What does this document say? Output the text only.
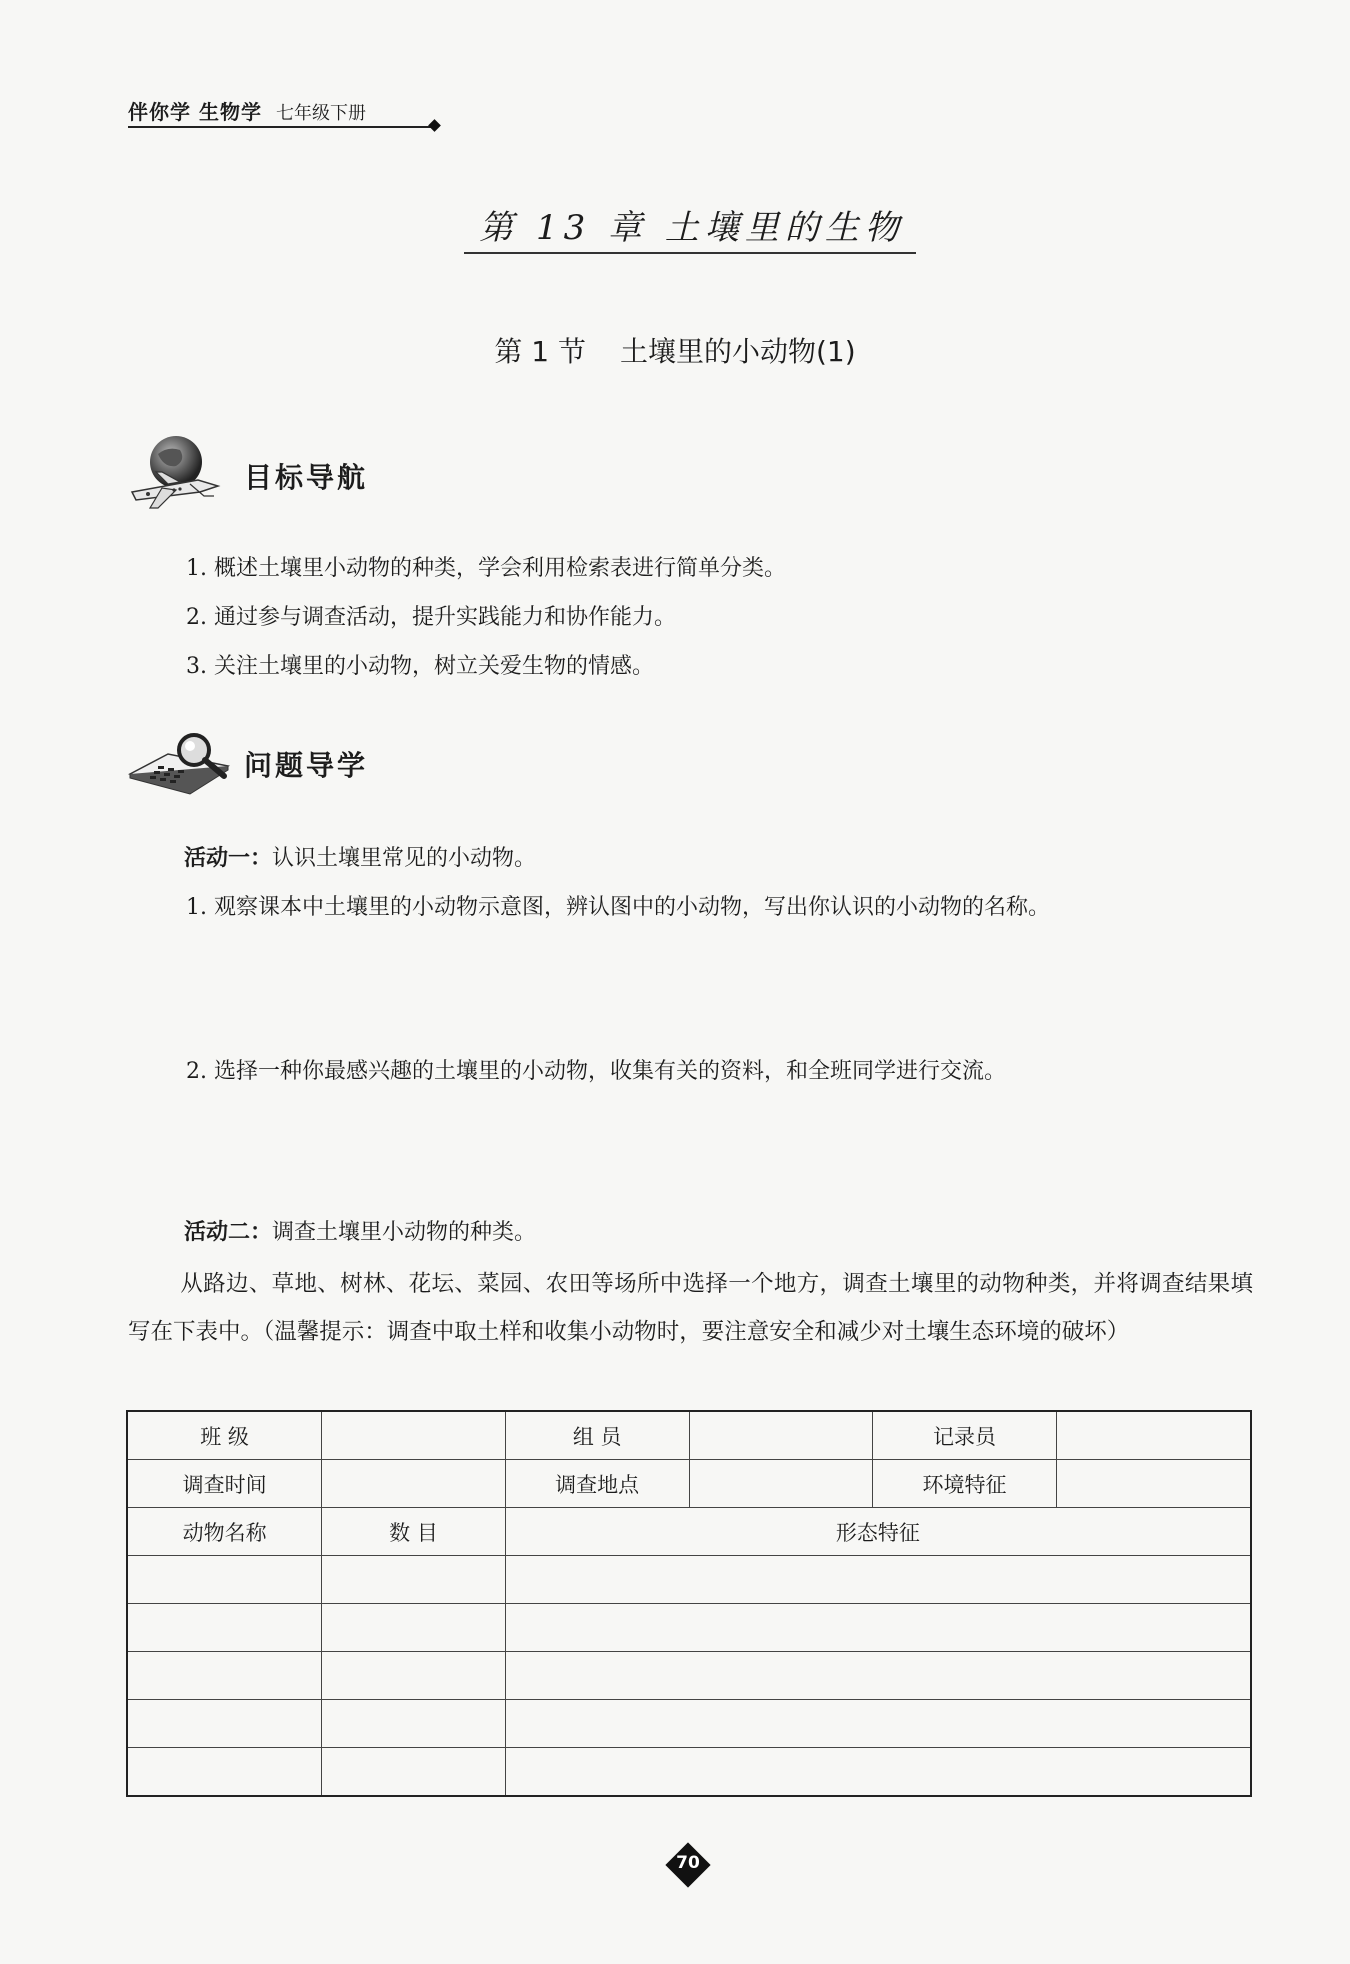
伴你学 生物学 七年级下册
第 13 章 土壤里的生物
第 1 节 土壤里的小动物(1)
目标导航
1. 概述土壤里小动物的种类，学会利用检索表进行简单分类。
2. 通过参与调查活动，提升实践能力和协作能力。
3. 关注土壤里的小动物，树立关爱生物的情感。
问题导学
活动一：认识土壤里常见的小动物。
1. 观察课本中土壤里的小动物示意图，辨认图中的小动物，写出你认识的小动物的名称。
2. 选择一种你最感兴趣的土壤里的小动物，收集有关的资料，和全班同学进行交流。
活动二：调查土壤里小动物的种类。
从路边、草地、树林、花坛、菜园、农田等场所中选择一个地方，调查土壤里的动物种类，并将调查结果填写在下表中。（温馨提示：调查中取土样和收集小动物时，要注意安全和减少对土壤生态环境的破坏）
班 级		组 员		记录员	
调查时间		调查地点		环境特征	
动物名称	数 目	形态特征			

70
